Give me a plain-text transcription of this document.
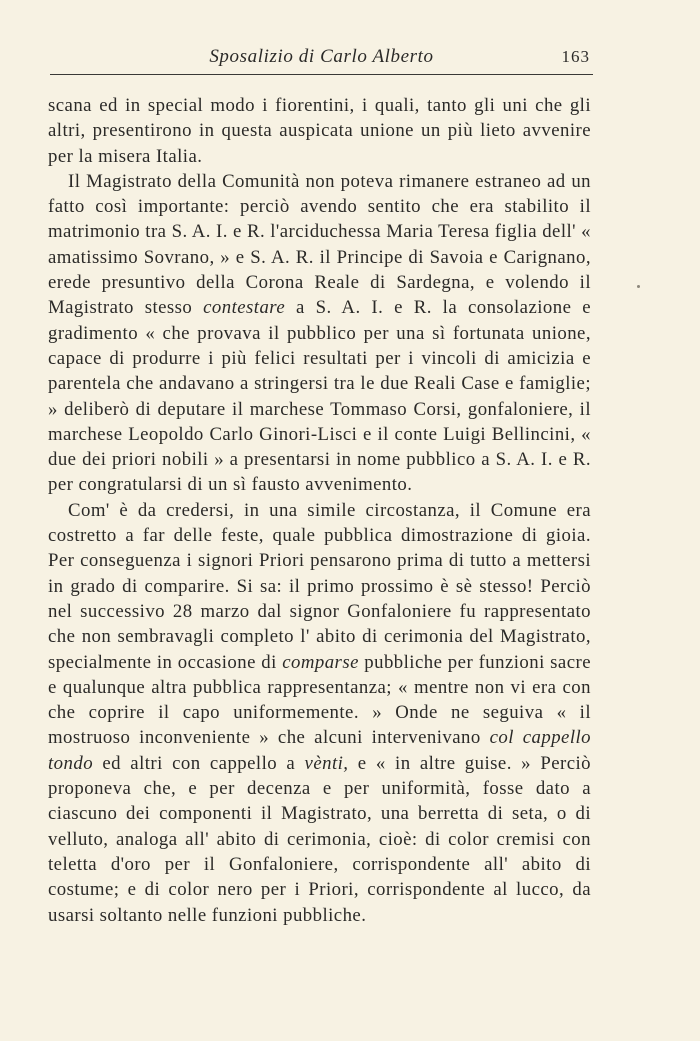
Sposalizio di Carlo Alberto	163

scana ed in special modo i fiorentini, i quali, tanto gli uni che gli altri, presentirono in questa auspicata unione un più lieto avvenire per la misera Italia.

Il Magistrato della Comunità non poteva rimanere estraneo ad un fatto così importante: perciò avendo sentito che era stabilito il matrimonio tra S. A. I. e R. l'arciduchessa Maria Teresa figlia dell' « amatissimo Sovrano, » e S. A. R. il Principe di Savoia e Carignano, erede presuntivo della Corona Reale di Sardegna, e volendo il Magistrato stesso contestare a S. A. I. e R. la consolazione e gradimento « che provava il pubblico per una sì fortunata unione, capace di produrre i più felici resultati per i vincoli di amicizia e parentela che andavano a stringersi tra le due Reali Case e famiglie; » deliberò di deputare il marchese Tommaso Corsi, gonfaloniere, il marchese Leopoldo Carlo Ginori-Lisci e il conte Luigi Bellincini, « due dei priori nobili » a presentarsi in nome pubblico a S. A. I. e R. per congratularsi di un sì fausto avvenimento.

Com' è da credersi, in una simile circostanza, il Comune era costretto a far delle feste, quale pubblica dimostrazione di gioia. Per conseguenza i signori Priori pensarono prima di tutto a mettersi in grado di comparire. Si sa: il primo prossimo è sè stesso! Perciò nel successivo 28 marzo dal signor Gonfaloniere fu rappresentato che non sembravagli completo l' abito di cerimonia del Magistrato, specialmente in occasione di comparse pubbliche per funzioni sacre e qualunque altra pubblica rappresentanza; « mentre non vi era con che coprire il capo uniformemente. » Onde ne seguiva « il mostruoso inconveniente » che alcuni intervenivano col cappello tondo ed altri con cappello a vènti, e « in altre guise. » Perciò proponeva che, e per decenza e per uniformità, fosse dato a ciascuno dei componenti il Magistrato, una berretta di seta, o di velluto, analoga all' abito di cerimonia, cioè: di color cremisi con teletta d'oro per il Gonfaloniere, corrispondente all' abito di costume; e di color nero per i Priori, corrispondente al lucco, da usarsi soltanto nelle funzioni pubbliche.
